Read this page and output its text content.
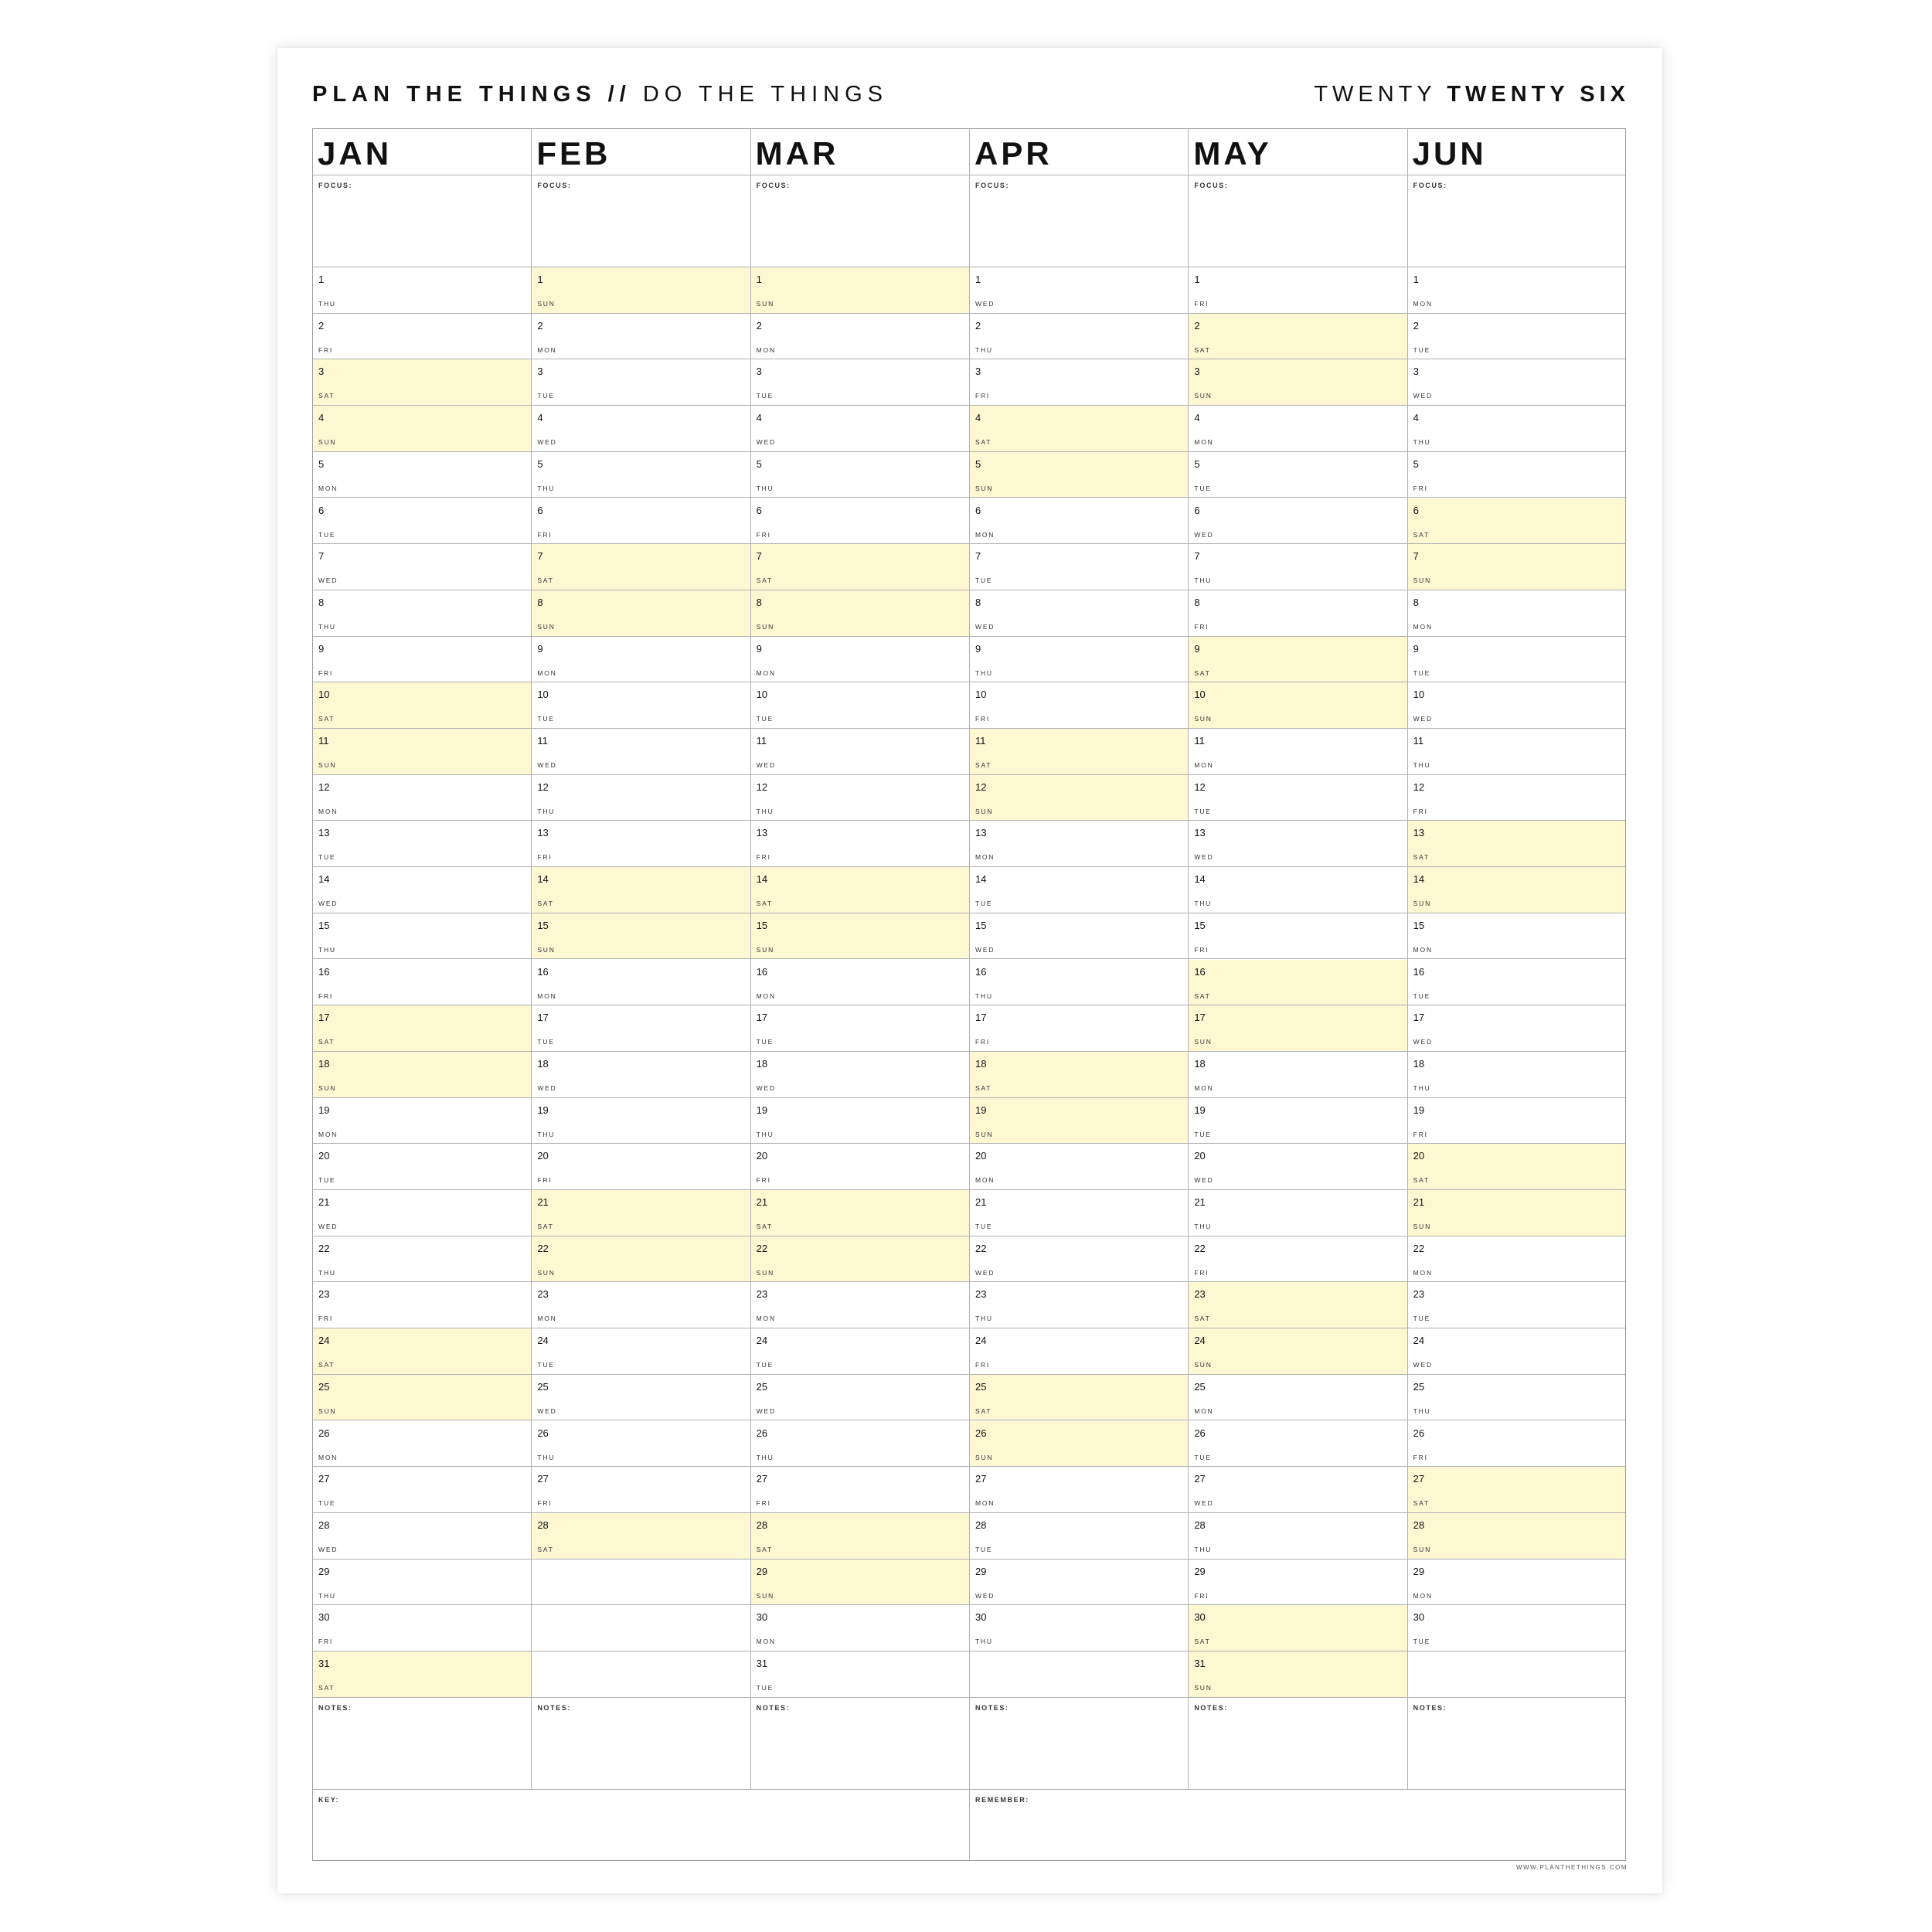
PLAN THE THINGS // DO THE THINGS	TWENTY TWENTY SIX
KEY:	REMEMBER:
JAN
FOCUS:
1
THU
2
FRI
3
SAT
4
SUN
5
MON
6
TUE
7
WED
8
THU
9
FRI
10
SAT
11
SUN
12
MON
13
TUE
14
WED
15
THU
16
FRI
17
SAT
18
SUN
19
MON
20
TUE
21
WED
22
THU
23
FRI
24
SAT
25
SUN
26
MON
27
TUE
28
WED
29
THU
30
FRI
31
SAT
NOTES:
FEB
FOCUS:
1
SUN
2
MON
3
TUE
4
WED
5
THU
6
FRI
7
SAT
8
SUN
9
MON
10
TUE
11
WED
12
THU
13
FRI
14
SAT
15
SUN
16
MON
17
TUE
18
WED
19
THU
20
FRI
21
SAT
22
SUN
23
MON
24
TUE
25
WED
26
THU
27
FRI
28
SAT
NOTES:
MAR
FOCUS:
1
SUN
2
MON
3
TUE
4
WED
5
THU
6
FRI
7
SAT
8
SUN
9
MON
10
TUE
11
WED
12
THU
13
FRI
14
SAT
15
SUN
16
MON
17
TUE
18
WED
19
THU
20
FRI
21
SAT
22
SUN
23
MON
24
TUE
25
WED
26
THU
27
FRI
28
SAT
29
SUN
30
MON
31
TUE
NOTES:
APR
FOCUS:
1
WED
2
THU
3
FRI
4
SAT
5
SUN
6
MON
7
TUE
8
WED
9
THU
10
FRI
11
SAT
12
SUN
13
MON
14
TUE
15
WED
16
THU
17
FRI
18
SAT
19
SUN
20
MON
21
TUE
22
WED
23
THU
24
FRI
25
SAT
26
SUN
27
MON
28
TUE
29
WED
30
THU
NOTES:
MAY
FOCUS:
1
FRI
2
SAT
3
SUN
4
MON
5
TUE
6
WED
7
THU
8
FRI
9
SAT
10
SUN
11
MON
12
TUE
13
WED
14
THU
15
FRI
16
SAT
17
SUN
18
MON
19
TUE
20
WED
21
THU
22
FRI
23
SAT
24
SUN
25
MON
26
TUE
27
WED
28
THU
29
FRI
30
SAT
31
SUN
NOTES:
JUN
FOCUS:
1
MON
2
TUE
3
WED
4
THU
5
FRI
6
SAT
7
SUN
8
MON
9
TUE
10
WED
11
THU
12
FRI
13
SAT
14
SUN
15
MON
16
TUE
17
WED
18
THU
19
FRI
20
SAT
21
SUN
22
MON
23
TUE
24
WED
25
THU
26
FRI
27
SAT
28
SUN
29
MON
30
TUE
NOTES:
WWW.PLANTHETHINGS.COM
